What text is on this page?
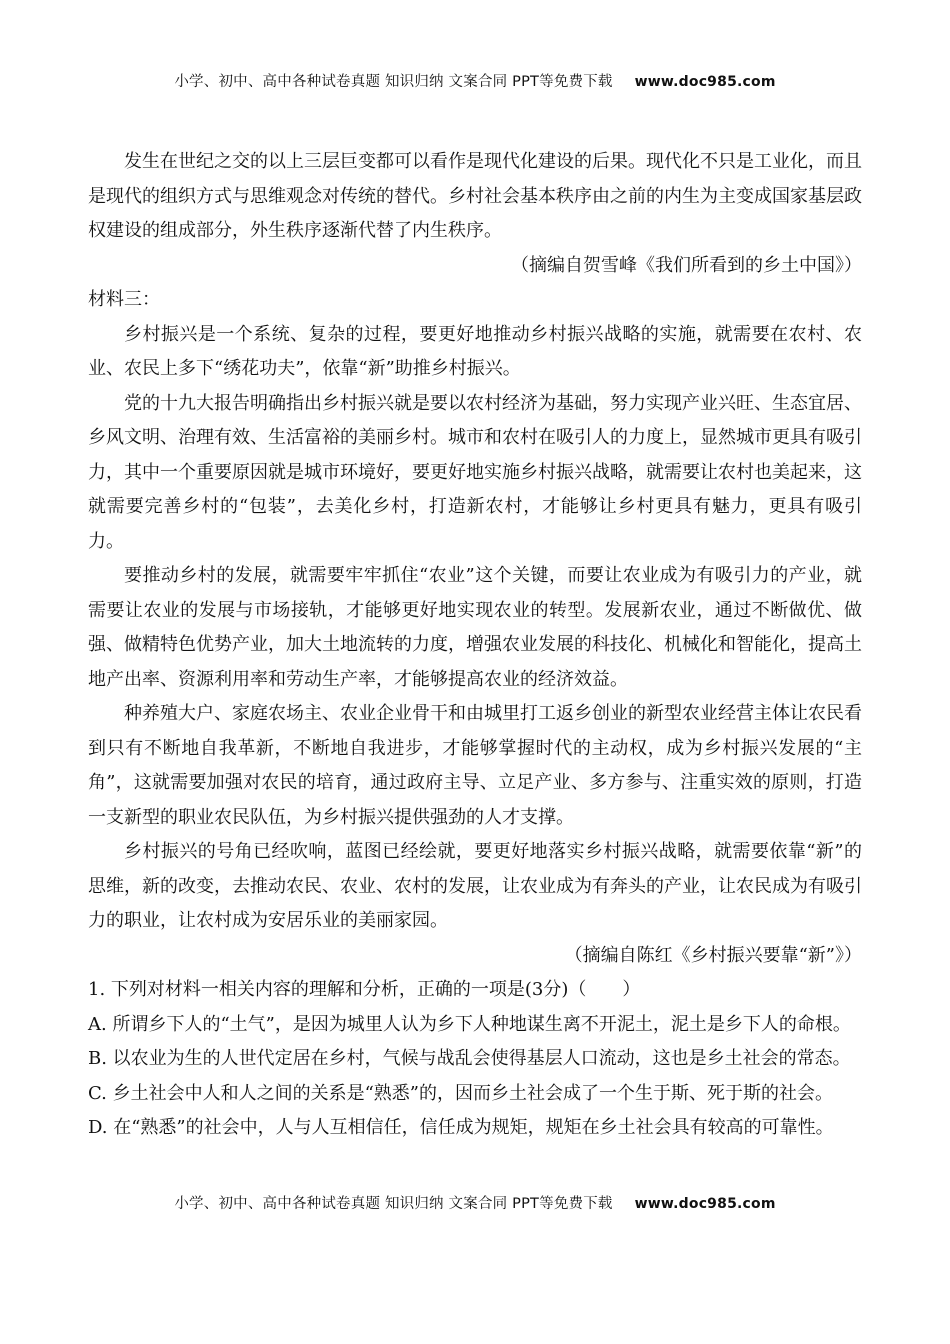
小学、初中、高中各种试卷真题 知识归纳 文案合同 PPT等免费下载 www.doc985.com

发生在世纪之交的以上三层巨变都可以看作是现代化建设的后果。现代化不只是工业化，而且是现代的组织方式与思维观念对传统的替代。乡村社会基本秩序由之前的内生为主变成国家基层政权建设的组成部分，外生秩序逐渐代替了内生秩序。

（摘编自贺雪峰《我们所看到的乡土中国》）

材料三：

乡村振兴是一个系统、复杂的过程，要更好地推动乡村振兴战略的实施，就需要在农村、农业、农民上多下“绣花功夫”，依靠“新”助推乡村振兴。

党的十九大报告明确指出乡村振兴就是要以农村经济为基础，努力实现产业兴旺、生态宜居、乡风文明、治理有效、生活富裕的美丽乡村。城市和农村在吸引人的力度上，显然城市更具有吸引力，其中一个重要原因就是城市环境好，要更好地实施乡村振兴战略，就需要让农村也美起来，这就需要完善乡村的“包装”，去美化乡村，打造新农村，才能够让乡村更具有魅力，更具有吸引力。

要推动乡村的发展，就需要牢牢抓住“农业”这个关键，而要让农业成为有吸引力的产业，就需要让农业的发展与市场接轨，才能够更好地实现农业的转型。发展新农业，通过不断做优、做强、做精特色优势产业，加大土地流转的力度，增强农业发展的科技化、机械化和智能化，提高土地产出率、资源利用率和劳动生产率，才能够提高农业的经济效益。

种养殖大户、家庭农场主、农业企业骨干和由城里打工返乡创业的新型农业经营主体让农民看到只有不断地自我革新，不断地自我进步，才能够掌握时代的主动权，成为乡村振兴发展的“主角”，这就需要加强对农民的培育，通过政府主导、立足产业、多方参与、注重实效的原则，打造一支新型的职业农民队伍，为乡村振兴提供强劲的人才支撑。

乡村振兴的号角已经吹响，蓝图已经绘就，要更好地落实乡村振兴战略，就需要依靠“新”的思维，新的改变，去推动农民、农业、农村的发展，让农业成为有奔头的产业，让农民成为有吸引力的职业，让农村成为安居乐业的美丽家园。

（摘编自陈红《乡村振兴要靠“新”》）

1. 下列对材料一相关内容的理解和分析，正确的一项是(3分)（　　）

A. 所谓乡下人的“土气”，是因为城里人认为乡下人种地谋生离不开泥土，泥土是乡下人的命根。

B. 以农业为生的人世代定居在乡村，气候与战乱会使得基层人口流动，这也是乡土社会的常态。

C. 乡土社会中人和人之间的关系是“熟悉”的，因而乡土社会成了一个生于斯、死于斯的社会。

D. 在“熟悉”的社会中，人与人互相信任，信任成为规矩，规矩在乡土社会具有较高的可靠性。

小学、初中、高中各种试卷真题 知识归纳 文案合同 PPT等免费下载 www.doc985.com
